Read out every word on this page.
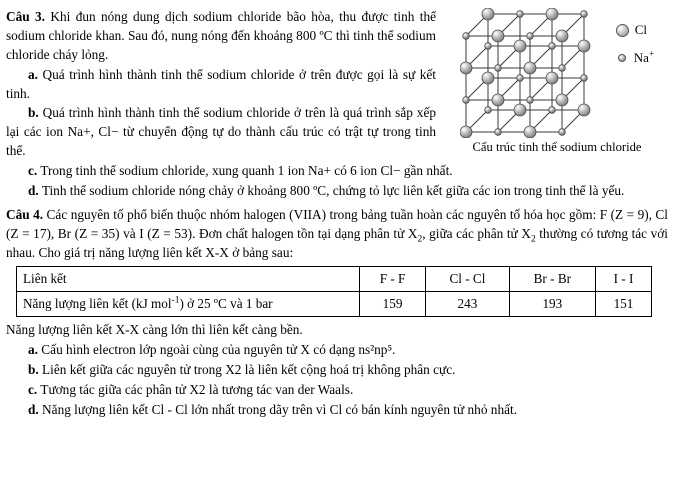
Cl
Na+
Cấu trúc tinh thể sodium chloride

Câu 3. Khi đun nóng dung dịch sodium chloride bão hòa, thu được tinh thể sodium chloride khan. Sau đó, nung nóng đến khoảng 800 ºC thì tinh thể sodium chloride cháy lỏng.

a. Quá trình hình thành tinh thể sodium chloride ở trên được gọi là sự kết tinh.

b. Quá trình hình thành tinh thể sodium chloride ở trên là quá trình sắp xếp lại các ion Na+, Cl− từ chuyển động tự do thành cấu trúc có trật tự trong tinh thể.

c. Trong tinh thể sodium chloride, xung quanh 1 ion Na+ có 6 ion Cl− gần nhất.

d. Tinh thể sodium chloride nóng chảy ở khoảng 800 ºC, chứng tỏ lực liên kết giữa các ion trong tinh thể là yếu.

Câu 4. Các nguyên tố phổ biến thuộc nhóm halogen (VIIA) trong bảng tuần hoàn các nguyên tố hóa học gồm: F (Z = 9), Cl (Z = 17), Br (Z = 35) và I (Z = 53). Đơn chất halogen tồn tại dạng phân tử $X_2$, giữa các phân tử $X_2$ thường có tương tác với nhau. Cho giá trị năng lượng liên kết X-X ở bảng sau:

Liên kết	F - F	Cl - Cl	Br - Br	I - I
Năng lượng liên kết (kJ mol$^{-1}$) ở 25 ºC và 1 bar	159	243	193	151

Năng lượng liên kết X-X càng lớn thì liên kết càng bền.

a. Cấu hình electron lớp ngoài cùng của nguyên tử X có dạng ns²np⁵.

b. Liên kết giữa các nguyên tử trong X2 là liên kết cộng hoá trị không phân cực.

c. Tương tác giữa các phân tử X2 là tương tác van der Waals.

d. Năng lượng liên kết Cl - Cl lớn nhất trong dãy trên vì Cl có bán kính nguyên tử nhỏ nhất.
